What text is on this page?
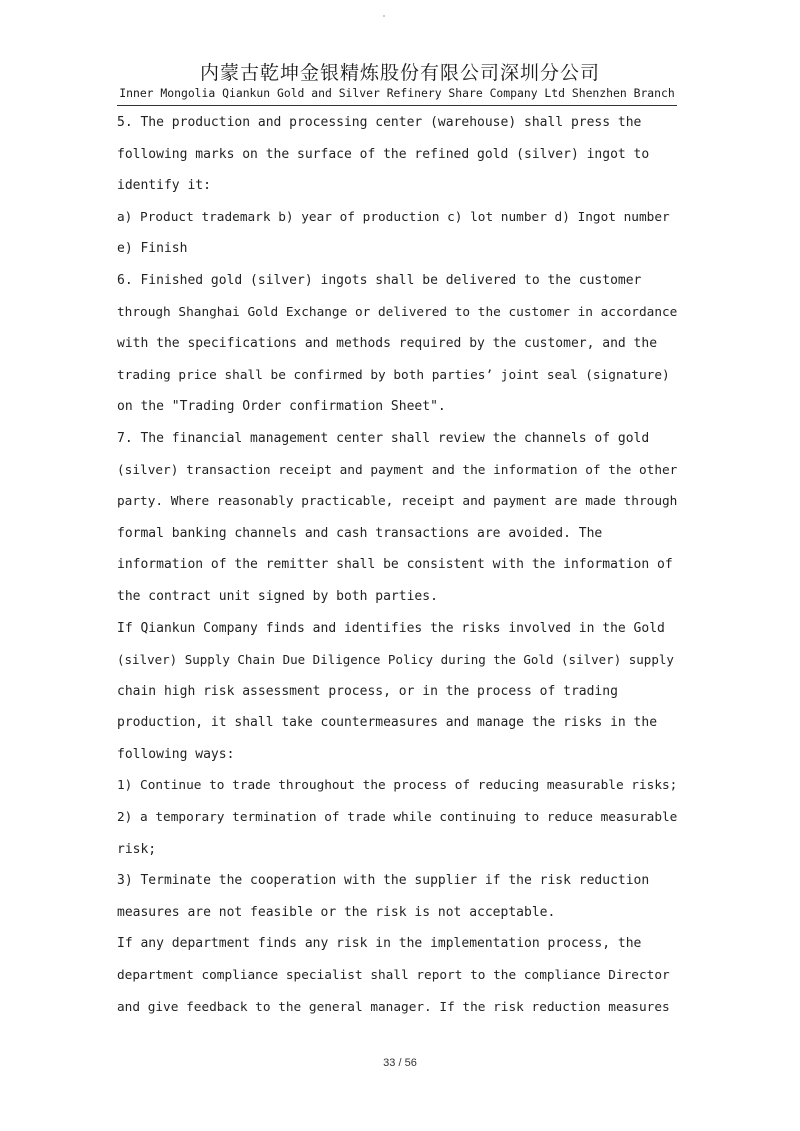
内蒙古乾坤金银精炼股份有限公司深圳分公司
Inner Mongolia Qiankun Gold and Silver Refinery Share Company Ltd Shenzhen Branch
5. The production and processing center (warehouse) shall press the
following marks on the surface of the refined gold (silver) ingot to
identify it:
a) Product trademark b) year of production c) lot number d) Ingot number
e) Finish
6. Finished gold (silver) ingots shall be delivered to the customer
through Shanghai Gold Exchange or delivered to the customer in accordance
with the specifications and methods required by the customer, and the
trading price shall be confirmed by both parties’ joint seal (signature)
on the "Trading Order confirmation Sheet".
7. The financial management center shall review the channels of gold
(silver) transaction receipt and payment and the information of the other
party. Where reasonably practicable, receipt and payment are made through
formal banking channels and cash transactions are avoided. The
information of the remitter shall be consistent with the information of
the contract unit signed by both parties.
If Qiankun Company finds and identifies the risks involved in the Gold
(silver) Supply Chain Due Diligence Policy during the Gold (silver) supply
chain high risk assessment process, or in the process of trading
production, it shall take countermeasures and manage the risks in the
following ways:
1) Continue to trade throughout the process of reducing measurable risks;
2) a temporary termination of trade while continuing to reduce measurable
risk;
3) Terminate the cooperation with the supplier if the risk reduction
measures are not feasible or the risk is not acceptable.
If any department finds any risk in the implementation process, the
department compliance specialist shall report to the compliance Director
and give feedback to the general manager. If the risk reduction measures
33 / 56
